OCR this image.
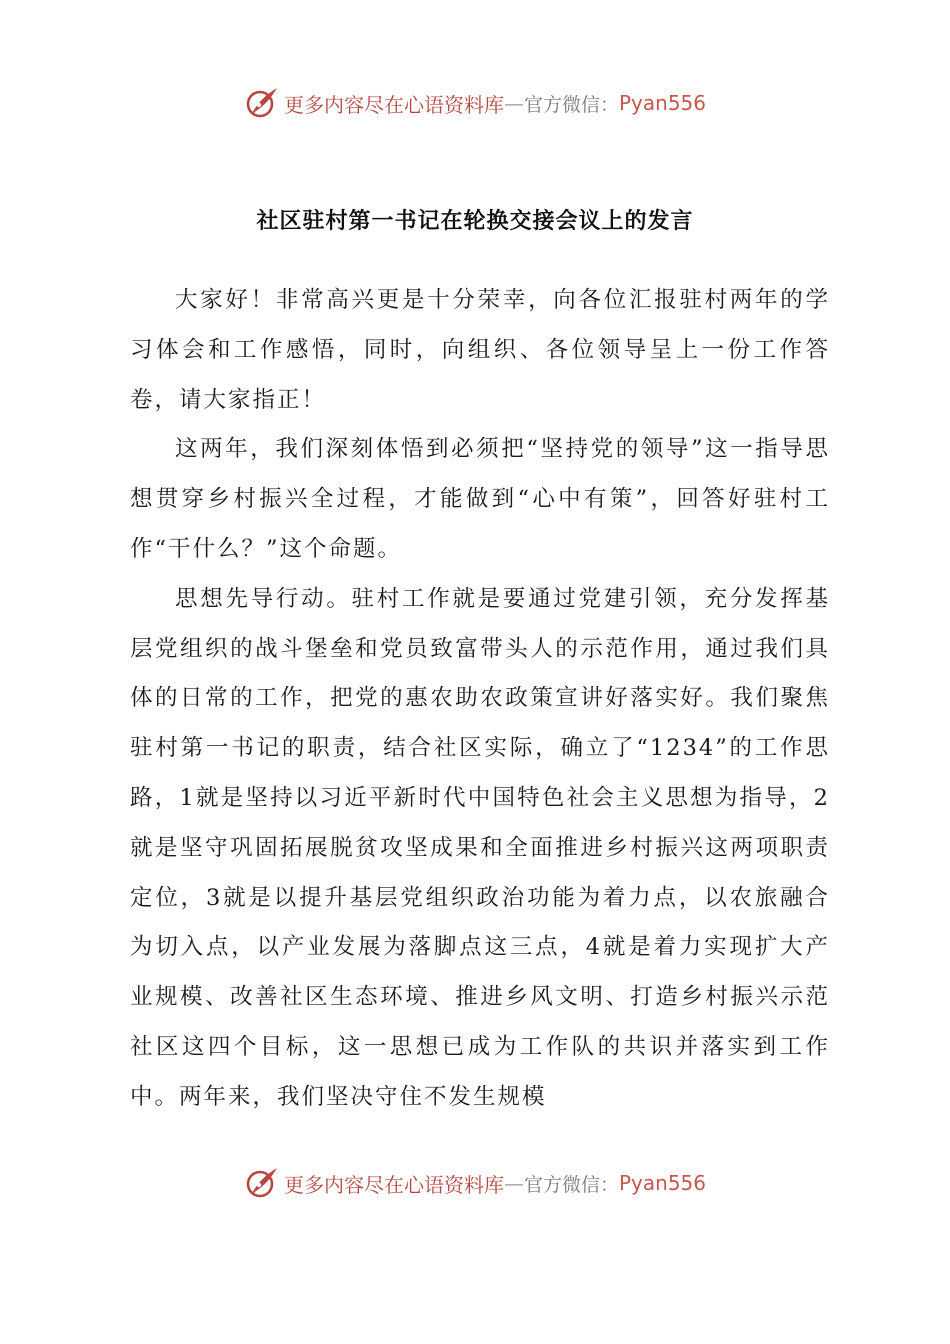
更多内容尽在心语资料库 — 官方微信： Pyan556
社区驻村第一书记在轮换交接会议上的发言

大家好！非常高兴更是十分荣幸，向各位汇报驻村两年的学习体会和工作感悟，同时，向组织、各位领导呈上一份工作答卷，请大家指正！

这两年，我们深刻体悟到必须把“坚持党的领导”这一指导思想贯穿乡村振兴全过程，才能做到“心中有策”，回答好驻村工作“干什么？”这个命题。

思想先导行动。驻村工作就是要通过党建引领，充分发挥基层党组织的战斗堡垒和党员致富带头人的示范作用，通过我们具体的日常的工作，把党的惠农助农政策宣讲好落实好。我们聚焦驻村第一书记的职责，结合社区实际，确立了“1234”的工作思路，1就是坚持以习近平新时代中国特色社会主义思想为指导，2就是坚守巩固拓展脱贫攻坚成果和全面推进乡村振兴这两项职责定位，3就是以提升基层党组织政治功能为着力点，以农旅融合为切入点，以产业发展为落脚点这三点，4就是着力实现扩大产业规模、改善社区生态环境、推进乡风文明、打造乡村振兴示范社区这四个目标，这一思想已成为工作队的共识并落实到工作中。两年来，我们坚决守住不发生规模

更多内容尽在心语资料库 — 官方微信： Pyan556
